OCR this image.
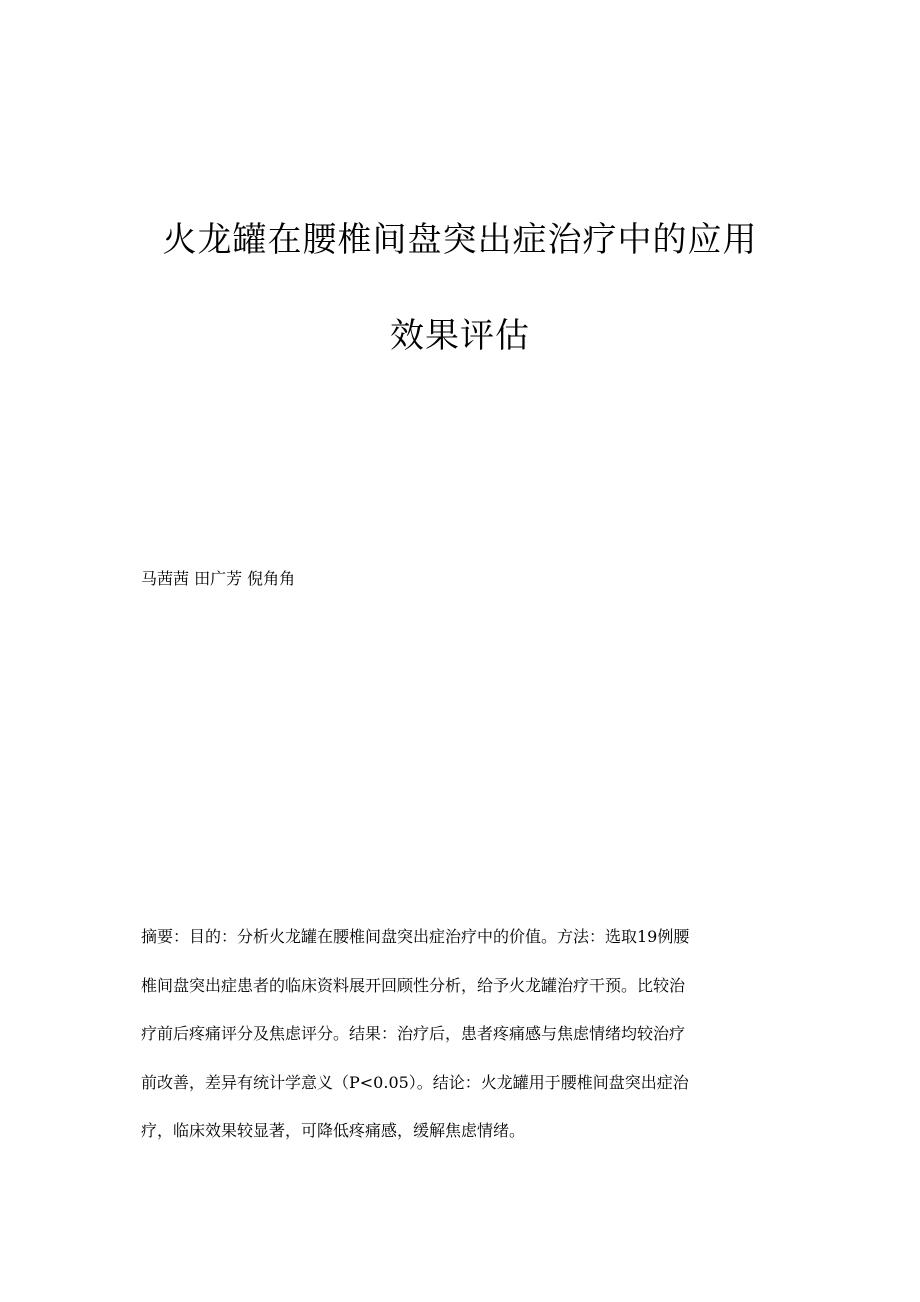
火龙罐在腰椎间盘突出症治疗中的应用
效果评估
马茜茜 田广芳 倪角角
摘要：目的：分析火龙罐在腰椎间盘突出症治疗中的价值。方法：选取19例腰
椎间盘突出症患者的临床资料展开回顾性分析，给予火龙罐治疗干预。比较治
疗前后疼痛评分及焦虑评分。结果：治疗后，患者疼痛感与焦虑情绪均较治疗
前改善，差异有统计学意义（P<0.05）。结论：火龙罐用于腰椎间盘突出症治
疗，临床效果较显著，可降低疼痛感，缓解焦虑情绪。
